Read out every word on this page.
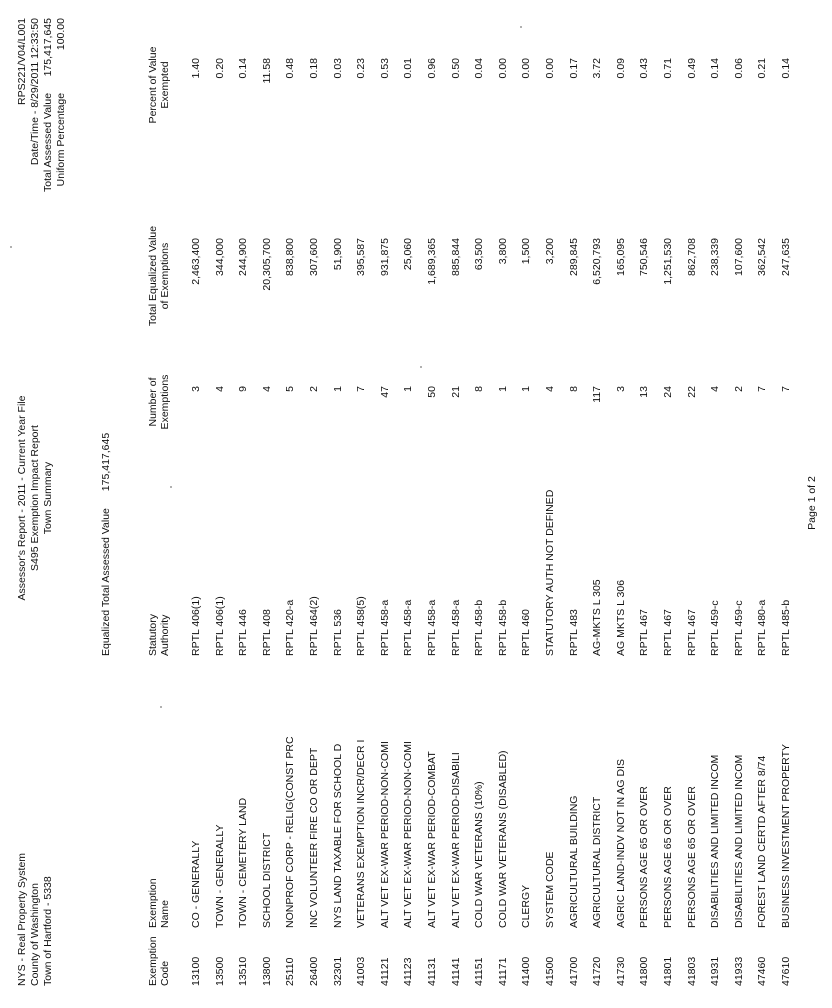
NYS - Real Property System County of Washington Town of Hartford - 5338
Assessor's Report - 2011 - Current Year File S495 Exemption Impact Report Town Summary
RPS221/V04/L001 Date/Time - 8/29/2011 12:33:50 Total Assessed Value 175,417,645
Uniform Percentage 100.00
Equalized Total Assessed Value 175,417,645
Exemption Code
Exemption Name
Statutory Authority
Number of Exemptions
Total Equalized Value of Exemptions
Percent of Value Exempted
13100
CO - GENERALLY
RPTL 406(1)
3
2,463,400
1.40
13500
TOWN - GENERALLY
RPTL 406(1)
4
344,000
0.20
13510
TOWN - CEMETERY LAND
RPTL 446
9
244,900
0.14
13800
SCHOOL DISTRICT
RPTL 408
4
20,305,700
11.58
25110
NONPROF CORP - RELIG(CONST PRC
RPTL 420-a
5
838,800
0.48
26400
INC VOLUNTEER FIRE CO OR DEPT
RPTL 464(2)
2
307,600
0.18
32301
NYS LAND TAXABLE FOR SCHOOL D
RPTL 536
1
51,900
0.03
41003
VETERANS EXEMPTION INCR/DECR I
RPTL 458(5)
7
395,587
0.23
41121
ALT VET EX-WAR PERIOD-NON-COMI
RPTL 458-a
47
931,875
0.53
41123
ALT VET EX-WAR PERIOD-NON-COMI
RPTL 458-a
1
25,060
0.01
41131
ALT VET EX-WAR PERIOD-COMBAT
RPTL 458-a
50
1,689,365
0.96
41141
ALT VET EX-WAR PERIOD-DISABILI
RPTL 458-a
21
885,844
0.50
41151
COLD WAR VETERANS (10%)
RPTL 458-b
8
63,500
0.04
41171
COLD WAR VETERANS (DISABLED)
RPTL 458-b
1
3,800
0.00
41400
CLERGY
RPTL 460
1
1,500
0.00
41500
SYSTEM CODE
STATUTORY AUTH NOT DEFINED
4
3,200
0.00
41700
AGRICULTURAL BUILDING
RPTL 483
8
289,845
0.17
41720
AGRICULTURAL DISTRICT
AG-MKTS L 305
117
6,520,793
3.72
41730
AGRIC LAND-INDV NOT IN AG DIS
AG MKTS L 306
3
165,095
0.09
41800
PERSONS AGE 65 OR OVER
RPTL 467
13
750,546
0.43
41801
PERSONS AGE 65 OR OVER
RPTL 467
24
1,251,530
0.71
41803
PERSONS AGE 65 OR OVER
RPTL 467
22
862,708
0.49
41931
DISABILITIES AND LIMITED INCOM
RPTL 459-c
4
238,339
0.14
41933
DISABILITIES AND LIMITED INCOM
RPTL 459-c
2
107,600
0.06
47460
FOREST LAND CERTD AFTER 8/74
RPTL 480-a
7
362,542
0.21
47610
BUSINESS INVESTMENT PROPERTY
RPTL 485-b
7
247,635
0.14
Page 1 of 2
